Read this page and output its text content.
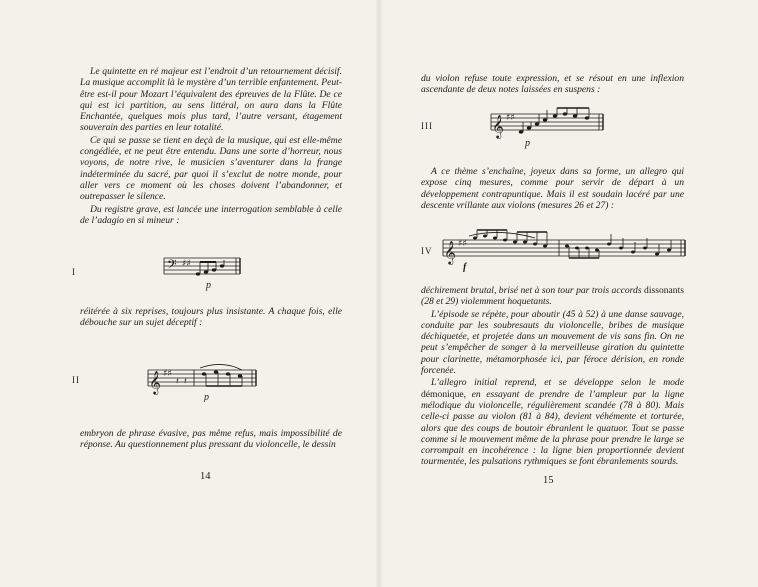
Le quintette en ré majeur est l’endroit d’un retournement décisif. La musique accomplit là le mystère d’un terrible enfantement. Peut-être est-il pour Mozart l’équivalent des épreuves de la Flûte. De ce qui est ici partition, au sens littéral, on aura dans la Flûte Enchantée, quelques mois plus tard, l’autre versant, étagement souverain des parties en leur totalité.

Ce qui se passe se tient en deçà de la musique, qui est elle-même congédiée, et ne peut être entendu. Dans une sorte d’horreur, nous voyons, de notre rive, le musicien s’aventurer dans la frange indéterminée du sacré, par quoi il s’exclut de notre monde, pour aller vers ce moment où les choses doivent l’abandonner, et outrepasser le silence.

Du registre grave, est lancée une interrogation semblable à celle de l’adagio en si mineur :

I	𝄢 ♯♯
p

réitérée à six reprises, toujours plus insistante. A chaque fois, elle débouche sur un sujet déceptif :

II	𝄞 ♯♯
𝄽 𝄽
p

embryon de phrase évasive, pas même refus, mais impossibilité de réponse. Au questionnement plus pressant du violoncelle, le dessin

14

du violon refuse toute expression, et se résout en une inflexion ascendante de deux notes laissées en suspens :

III	𝄞 ♯♯
p

A ce thème s’enchaîne, joyeux dans sa forme, un allegro qui expose cinq mesures, comme pour servir de départ à un développement contrapuntique. Mais il est soudain lacéré par une descente vrillante aux violons (mesures 26 et 27) :

IV 𝄞 ♯♯
f

déchirement brutal, brisé net à son tour par trois accords dissonants (28 et 29) violemment hoquetants.

L’épisode se répète, pour aboutir (45 à 52) à une danse sauvage, conduite par les soubresauts du violoncelle, bribes de musique déchiquetée, et projetée dans un mouvement de vis sans fin. On ne peut s’empêcher de songer à la merveilleuse giration du quintette pour clarinette, métamorphosée ici, par féroce dérision, en ronde forcenée.

L’allegro initial reprend, et se développe selon le mode démonique, en essayant de prendre de l’ampleur par la ligne mélodique du violoncelle, régulièrement scandée (78 à 80). Mais celle-ci passe au violon (81 à 84), devient véhémente et torturée, alors que des coups de boutoir ébranlent le quatuor. Tout se passe comme si le mouvement même de la phrase pour prendre le large se corrompait en incohérence : la ligne bien proportionnée devient tourmentée, les pulsations rythmiques se font ébranlements sourds.

15
